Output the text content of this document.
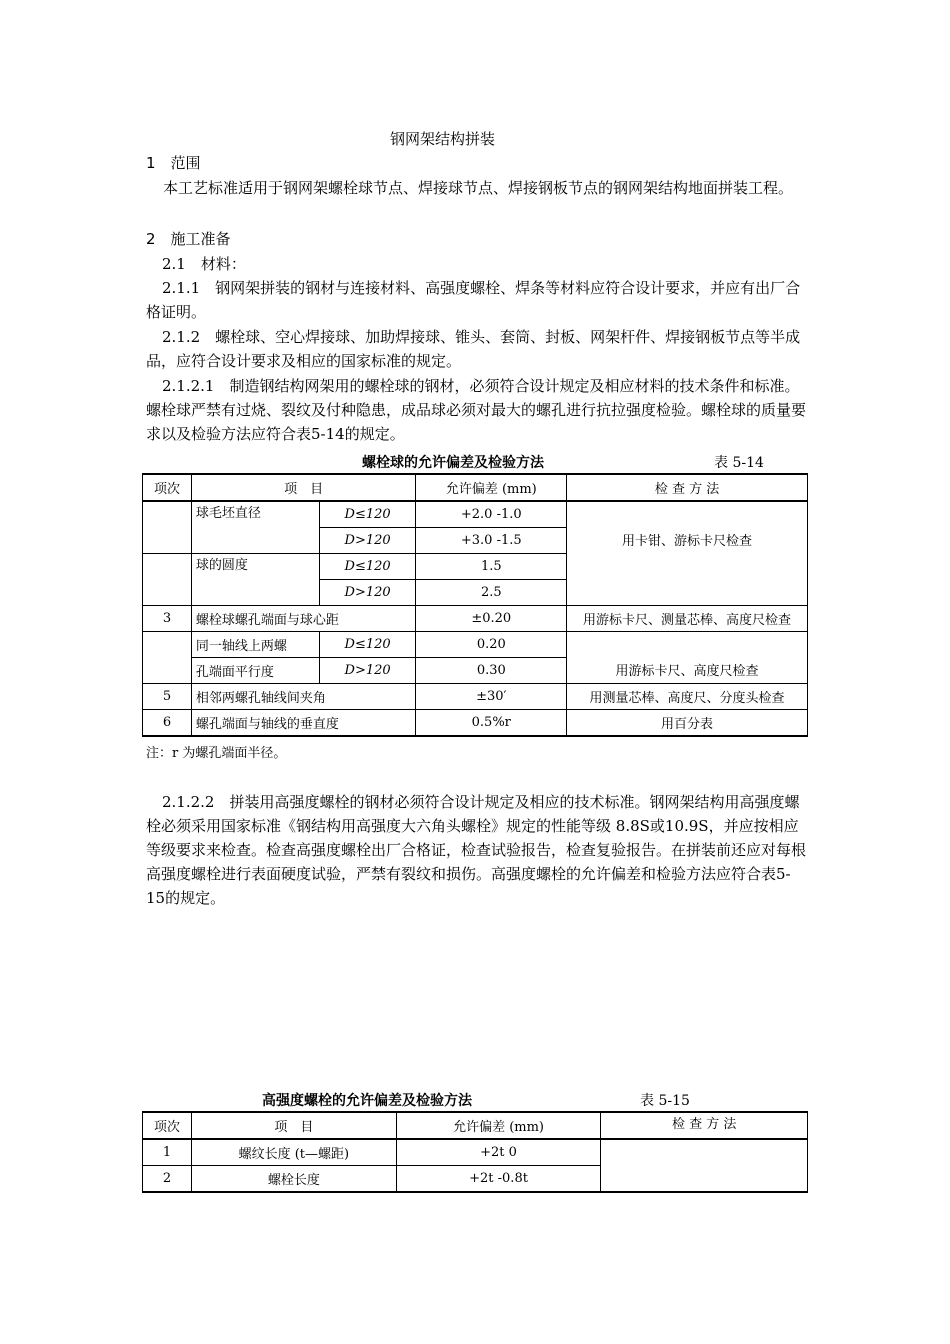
钢网架结构拼装
1　范围
本工艺标准适用于钢网架螺栓球节点、焊接球节点、焊接钢板节点的钢网架结构地面拼装工程。
2　施工准备
2.1　材料：
2.1.1　钢网架拼装的钢材与连接材料、高强度螺栓、焊条等材料应符合设计要求，并应有出厂合格证明。
2.1.2　螺栓球、空心焊接球、加助焊接球、锥头、套筒、封板、网架杆件、焊接钢板节点等半成品，应符合设计要求及相应的国家标准的规定。
2.1.2.1　制造钢结构网架用的螺栓球的钢材，必须符合设计规定及相应材料的技术条件和标准。螺栓球严禁有过烧、裂纹及付种隐患，成品球必须对最大的螺孔进行抗拉强度检验。螺栓球的质量要求以及检验方法应符合表5-14的规定。
螺栓球的允许偏差及检验方法	表 5-14
项次	项　目		允许偏差 (mm)	检 查 方 法
	球毛坯直径	D≤120	+2.0 -1.0	用卡钳、游标卡尺检查
		D>120	+3.0 -1.5	
	球的圆度	D≤120	1.5	
		D>120	2.5	
3	螺栓球螺孔端面与球心距		±0.20	用游标卡尺、测量芯棒、高度尺检查
	同一轴线上两螺	D≤120	0.20	用游标卡尺、高度尺检查
	孔端面平行度	D>120	0.30	
5	相邻两螺孔轴线间夹角		±30′	用测量芯棒、高度尺、分度头检查
6	螺孔端面与轴线的垂直度		0.5%r	用百分表
注：r 为螺孔端面半径。
2.1.2.2　拼装用高强度螺栓的钢材必须符合设计规定及相应的技术标准。钢网架结构用高强度螺栓必须采用国家标准《钢结构用高强度大六角头螺栓》规定的性能等级 8.8S或10.9S，并应按相应等级要求来检查。检查高强度螺栓出厂合格证，检查试验报告，检查复验报告。在拼装前还应对每根高强度螺栓进行表面硬度试验，严禁有裂纹和损伤。高强度螺栓的允许偏差和检验方法应符合表5-15的规定。
高强度螺栓的允许偏差及检验方法	表 5-15
项次	项　目	允许偏差 (mm)	检 查 方 法
1	螺纹长度 (t—螺距)	+2t 0	
2	螺栓长度	+2t -0.8t	
